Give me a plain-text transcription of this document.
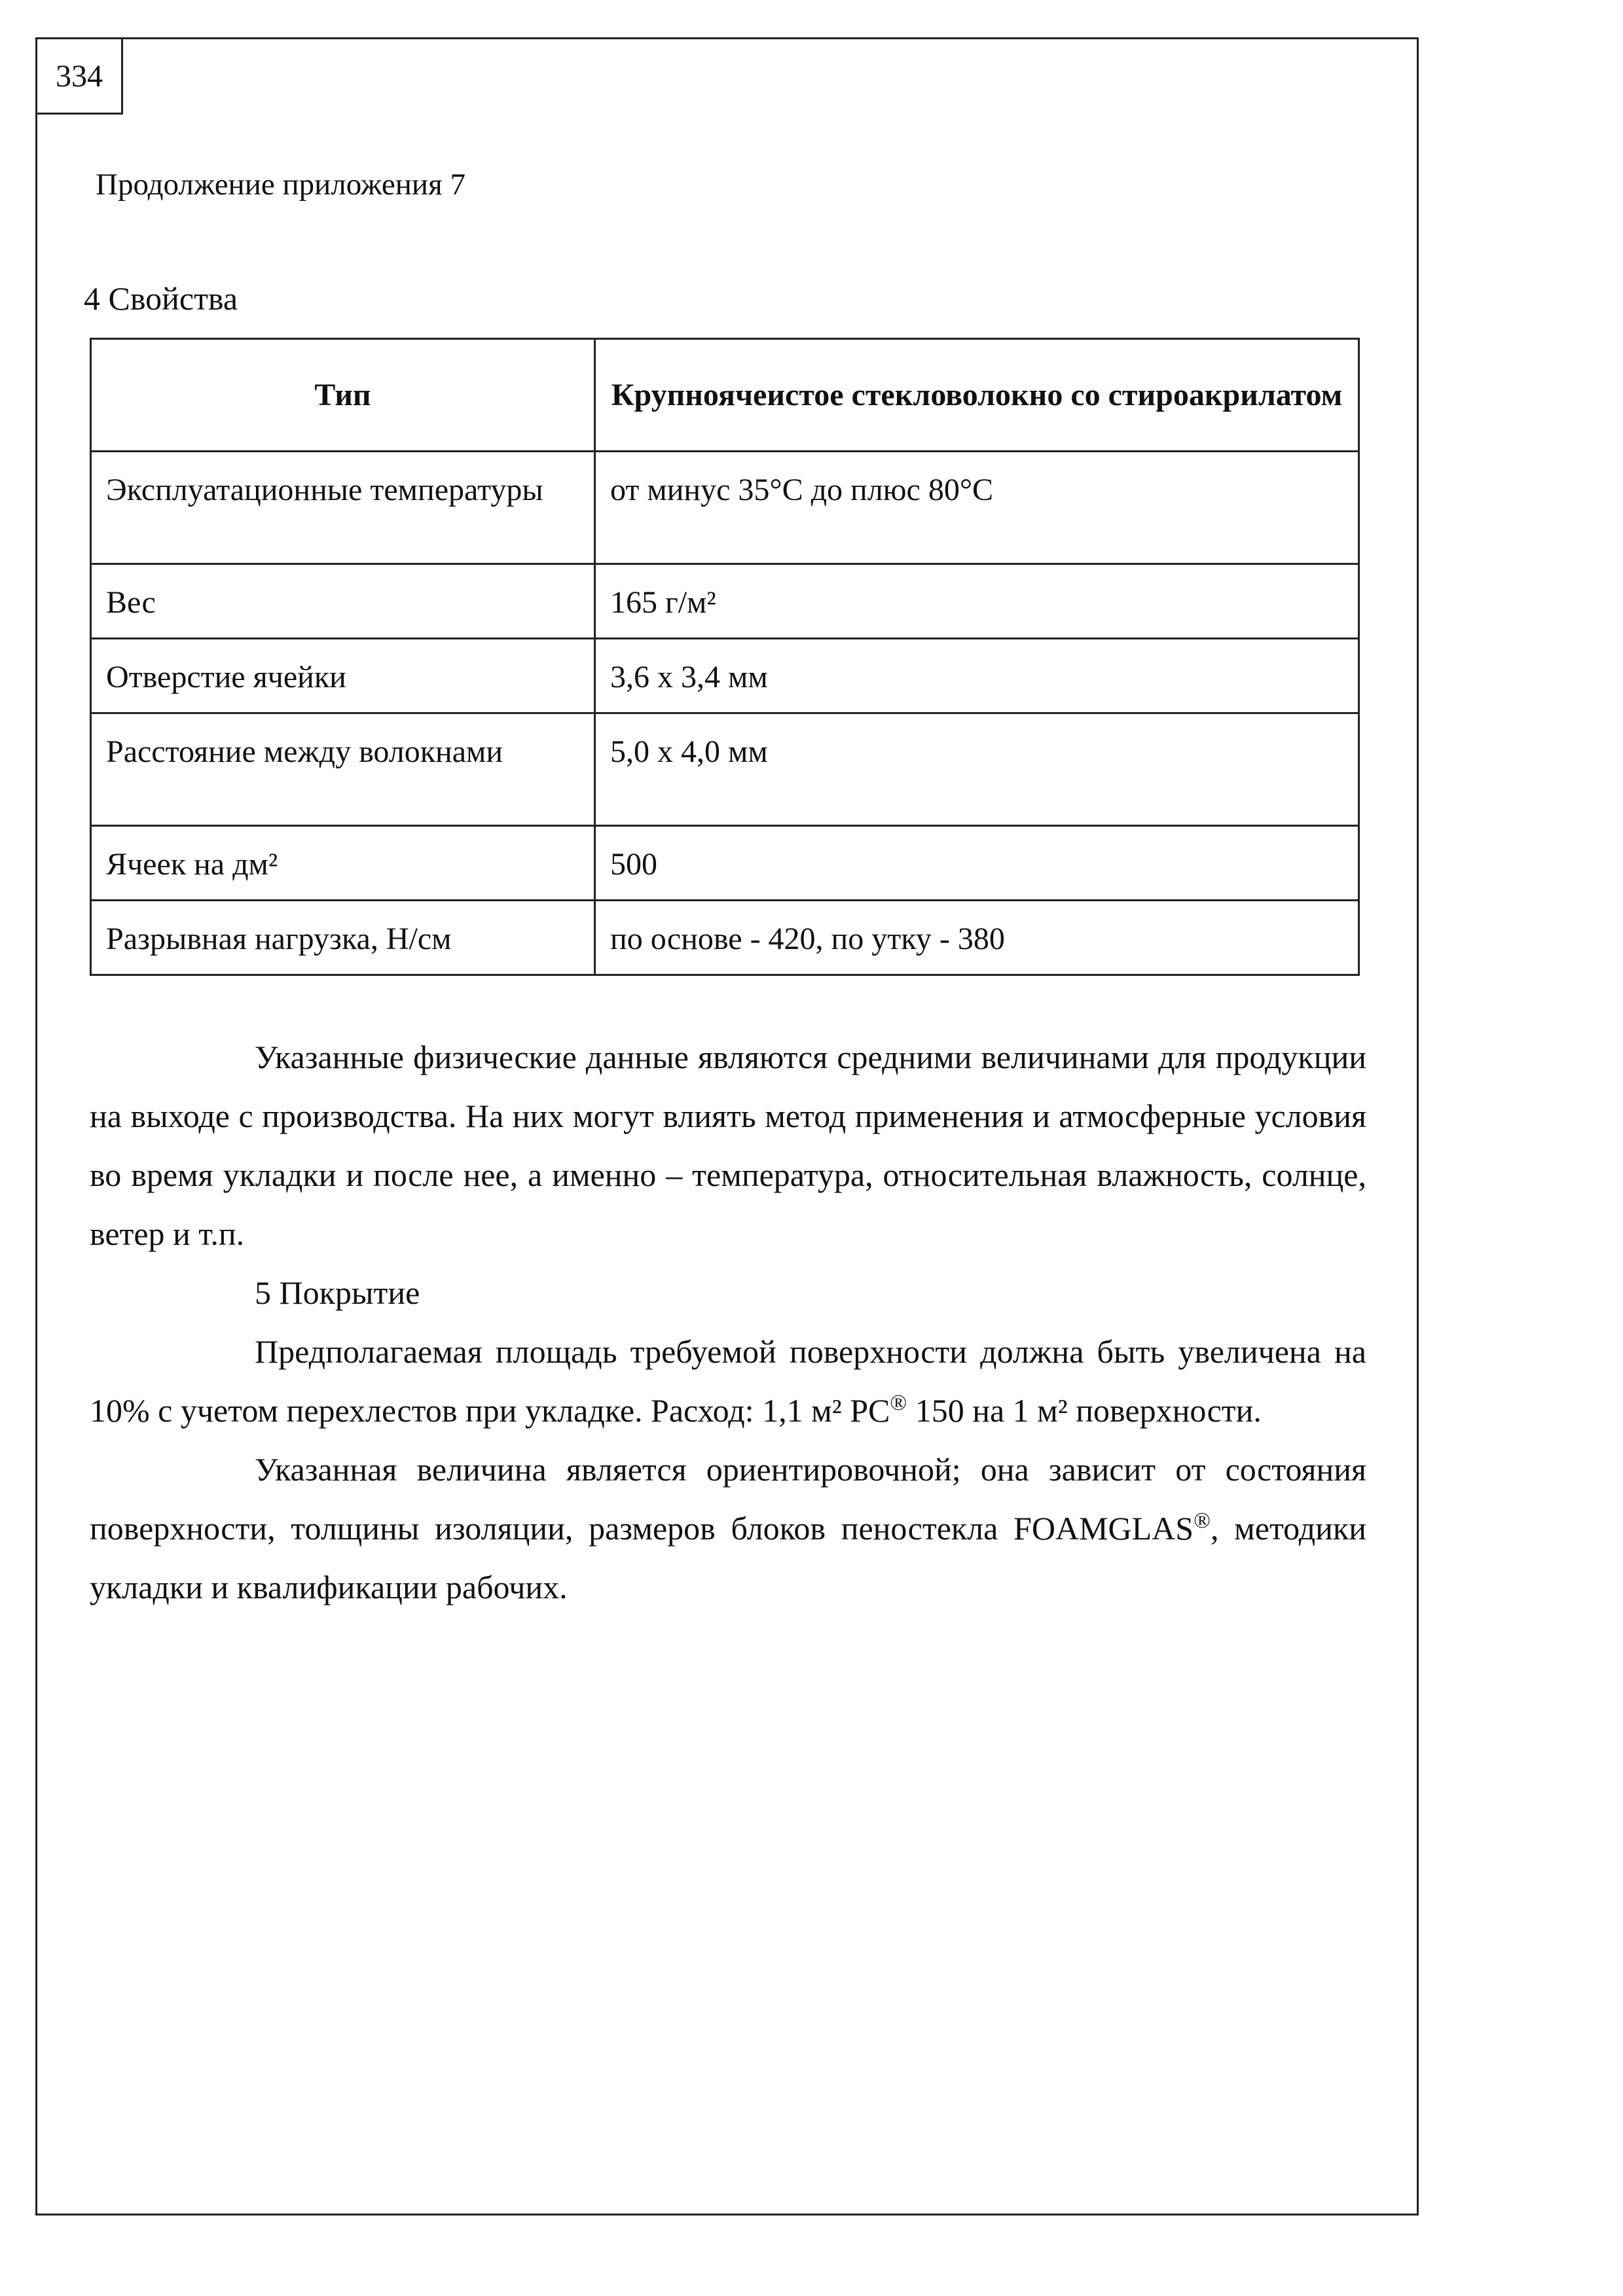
334
Продолжение приложения 7
4 Свойства
Тип	Крупноячеистое стекловолокно со стироакрилатом
Эксплуатационные температуры	от минус 35°С до плюс 80°С
Вес	165 г/м²
Отверстие ячейки	3,6 х 3,4 мм
Расстояние между волокнами	5,0 х 4,0 мм
Ячеек на дм²	500
Разрывная нагрузка, Н/см	по основе - 420, по утку - 380

Указанные физические данные являются средними величинами для продукции на выходе с производства. На них могут влиять метод применения и атмосферные условия во время укладки и после нее, а именно – температура, относительная влажность, солнце, ветер и т.п.

5 Покрытие

Предполагаемая площадь требуемой поверхности должна быть увеличена на 10% с учетом перехлестов при укладке. Расход: 1,1 м² PC® 150 на 1 м² поверхности.

Указанная величина является ориентировочной; она зависит от состояния поверхности, толщины изоляции, размеров блоков пеностекла FOAMGLAS®, методики укладки и квалификации рабочих.
